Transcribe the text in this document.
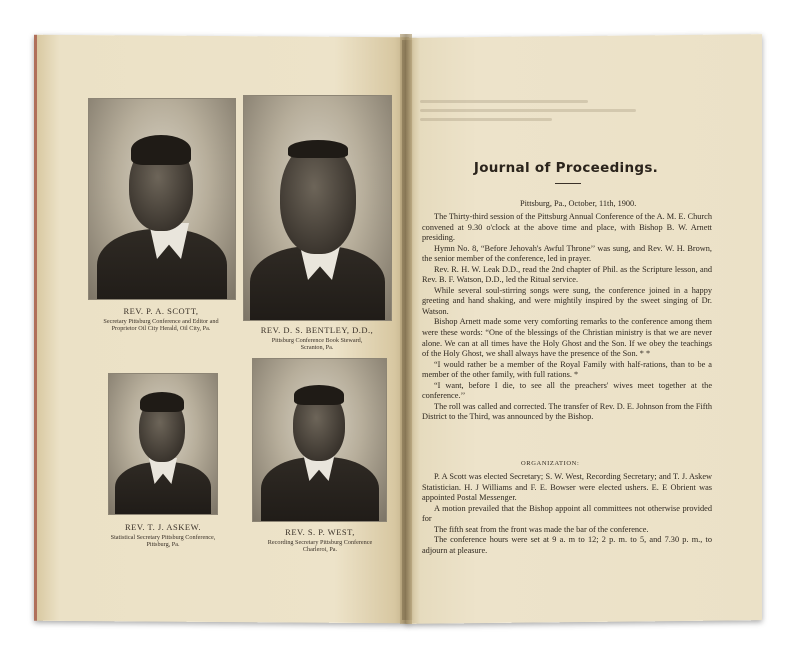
REV. P. A. SCOTT,
Secretary Pittsburg Conference and Editor and
Proprietor Oil City Herald, Oil City, Pa.	REV. D. S. BENTLEY, D.D.,
Pittsburg Conference Book Steward,
Scranton, Pa.
REV. T. J. ASKEW.
Statistical Secretary Pittsburg Conference,
Pittsburg, Pa.
REV. S. P. WEST,
Recording Secretary Pittsburg Conference
Charleroi, Pa.
Journal of Proceedings.
Pittsburg, Pa., October, 11th, 1900.

The Thirty-third session of the Pittsburg Annual Conference of the A. M. E. Church convened at 9.30 o'clock at the above time and place, with Bishop B. W. Arnett presiding.

Hymn No. 8, “Before Jehovah's Awful Throne’’ was sung, and Rev. W. H. Brown, the senior member of the conference, led in prayer.

Rev. R. H. W. Leak D.D., read the 2nd chapter of Phil. as the Scripture lesson, and Rev. B. F. Watson, D.D., led the Ritual service.

While several soul-stirring songs were sung, the conference joined in a happy greeting and hand shaking, and were mightily inspired by the sweet singing of Dr. Watson.

Bishop Arnett made some very comforting remarks to the conference among them were these words: “One of the blessings of the Christian ministry is that we are never alone. We can at all times have the Holy Ghost and the Son. If we obey the teachings of the Holy Ghost, we shall always have the presence of the Son. * *

“I would rather be a member of the Royal Family with half-rations, than to be a member of the other family, with full rations. *

“I want, before I die, to see all the preachers' wives meet together at the conference.’’

The roll was called and corrected. The transfer of Rev. D. E. Johnson from the Fifth District to the Third, was announced by the Bishop.

ORGANIZATION:

P. A Scott was elected Secretary; S. W. West, Recording Secretary; and T. J. Askew Statistician. H. J Williams and F. E. Bowser were elected ushers. E. E Obrient was appointed Postal Messenger.

A motion prevailed that the Bishop appoint all committees not otherwise provided for

The fifth seat from the front was made the bar of the conference.

The conference hours were set at 9 a. m to 12; 2 p. m. to 5, and 7.30 p. m., to adjourn at pleasure.
